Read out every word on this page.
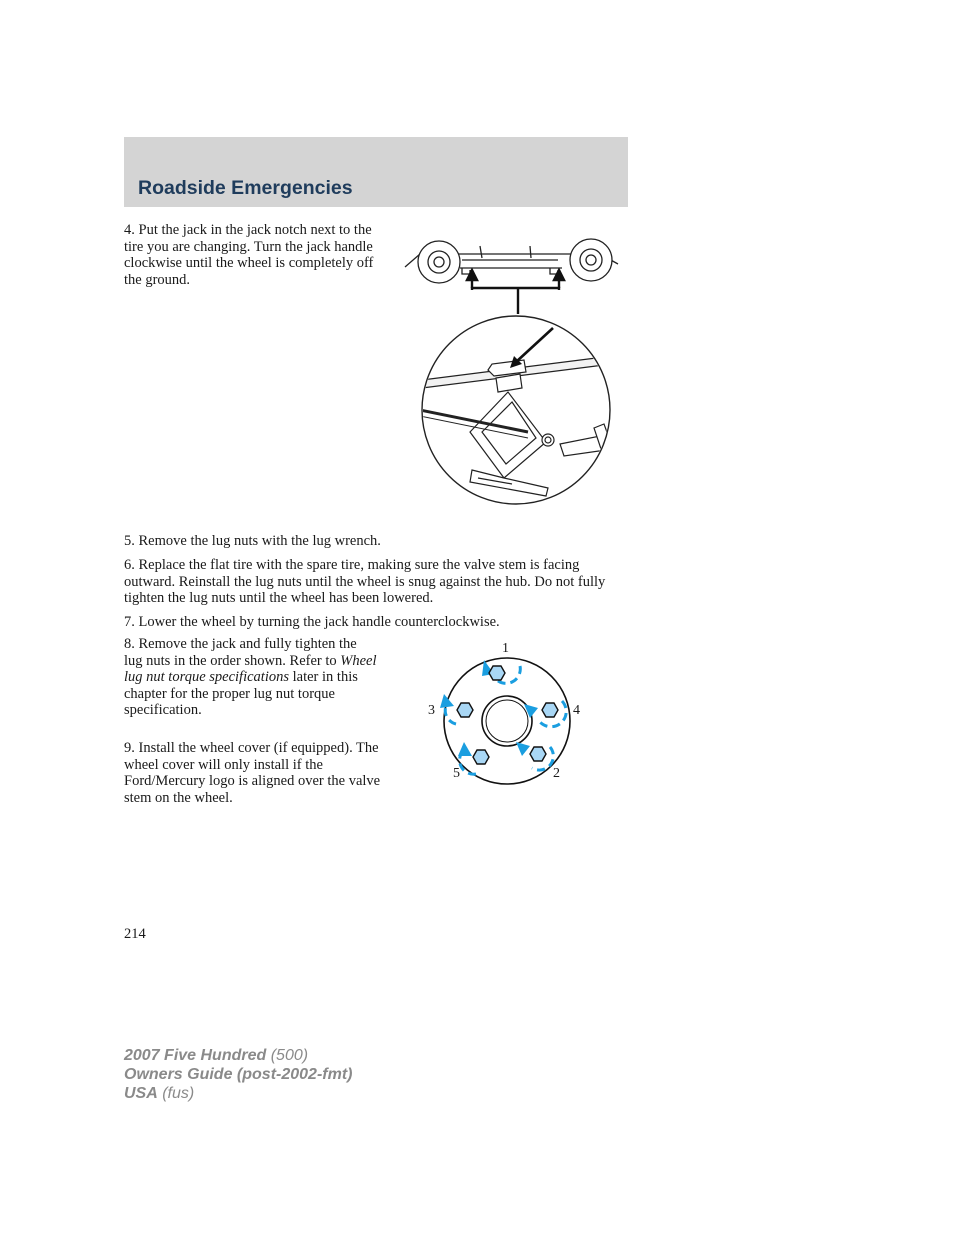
Roadside Emergencies

4. Put the jack in the jack notch next to the tire you are changing. Turn the jack handle clockwise until the wheel is completely off the ground.

5. Remove the lug nuts with the lug wrench.

6. Replace the flat tire with the spare tire, making sure the valve stem is facing outward. Reinstall the lug nuts until the wheel is snug against the hub. Do not fully tighten the lug nuts until the wheel has been lowered.

7. Lower the wheel by turning the jack handle counterclockwise.

8. Remove the jack and fully tighten the lug nuts in the order shown. Refer to Wheel lug nut torque specifications later in this chapter for the proper lug nut torque specification.

9. Install the wheel cover (if equipped). The wheel cover will only install if the Ford/Mercury logo is aligned over the valve stem on the wheel.

1
4
2
5
3

214

2007 Five Hundred (500)
Owners Guide (post-2002-fmt)
USA (fus)
